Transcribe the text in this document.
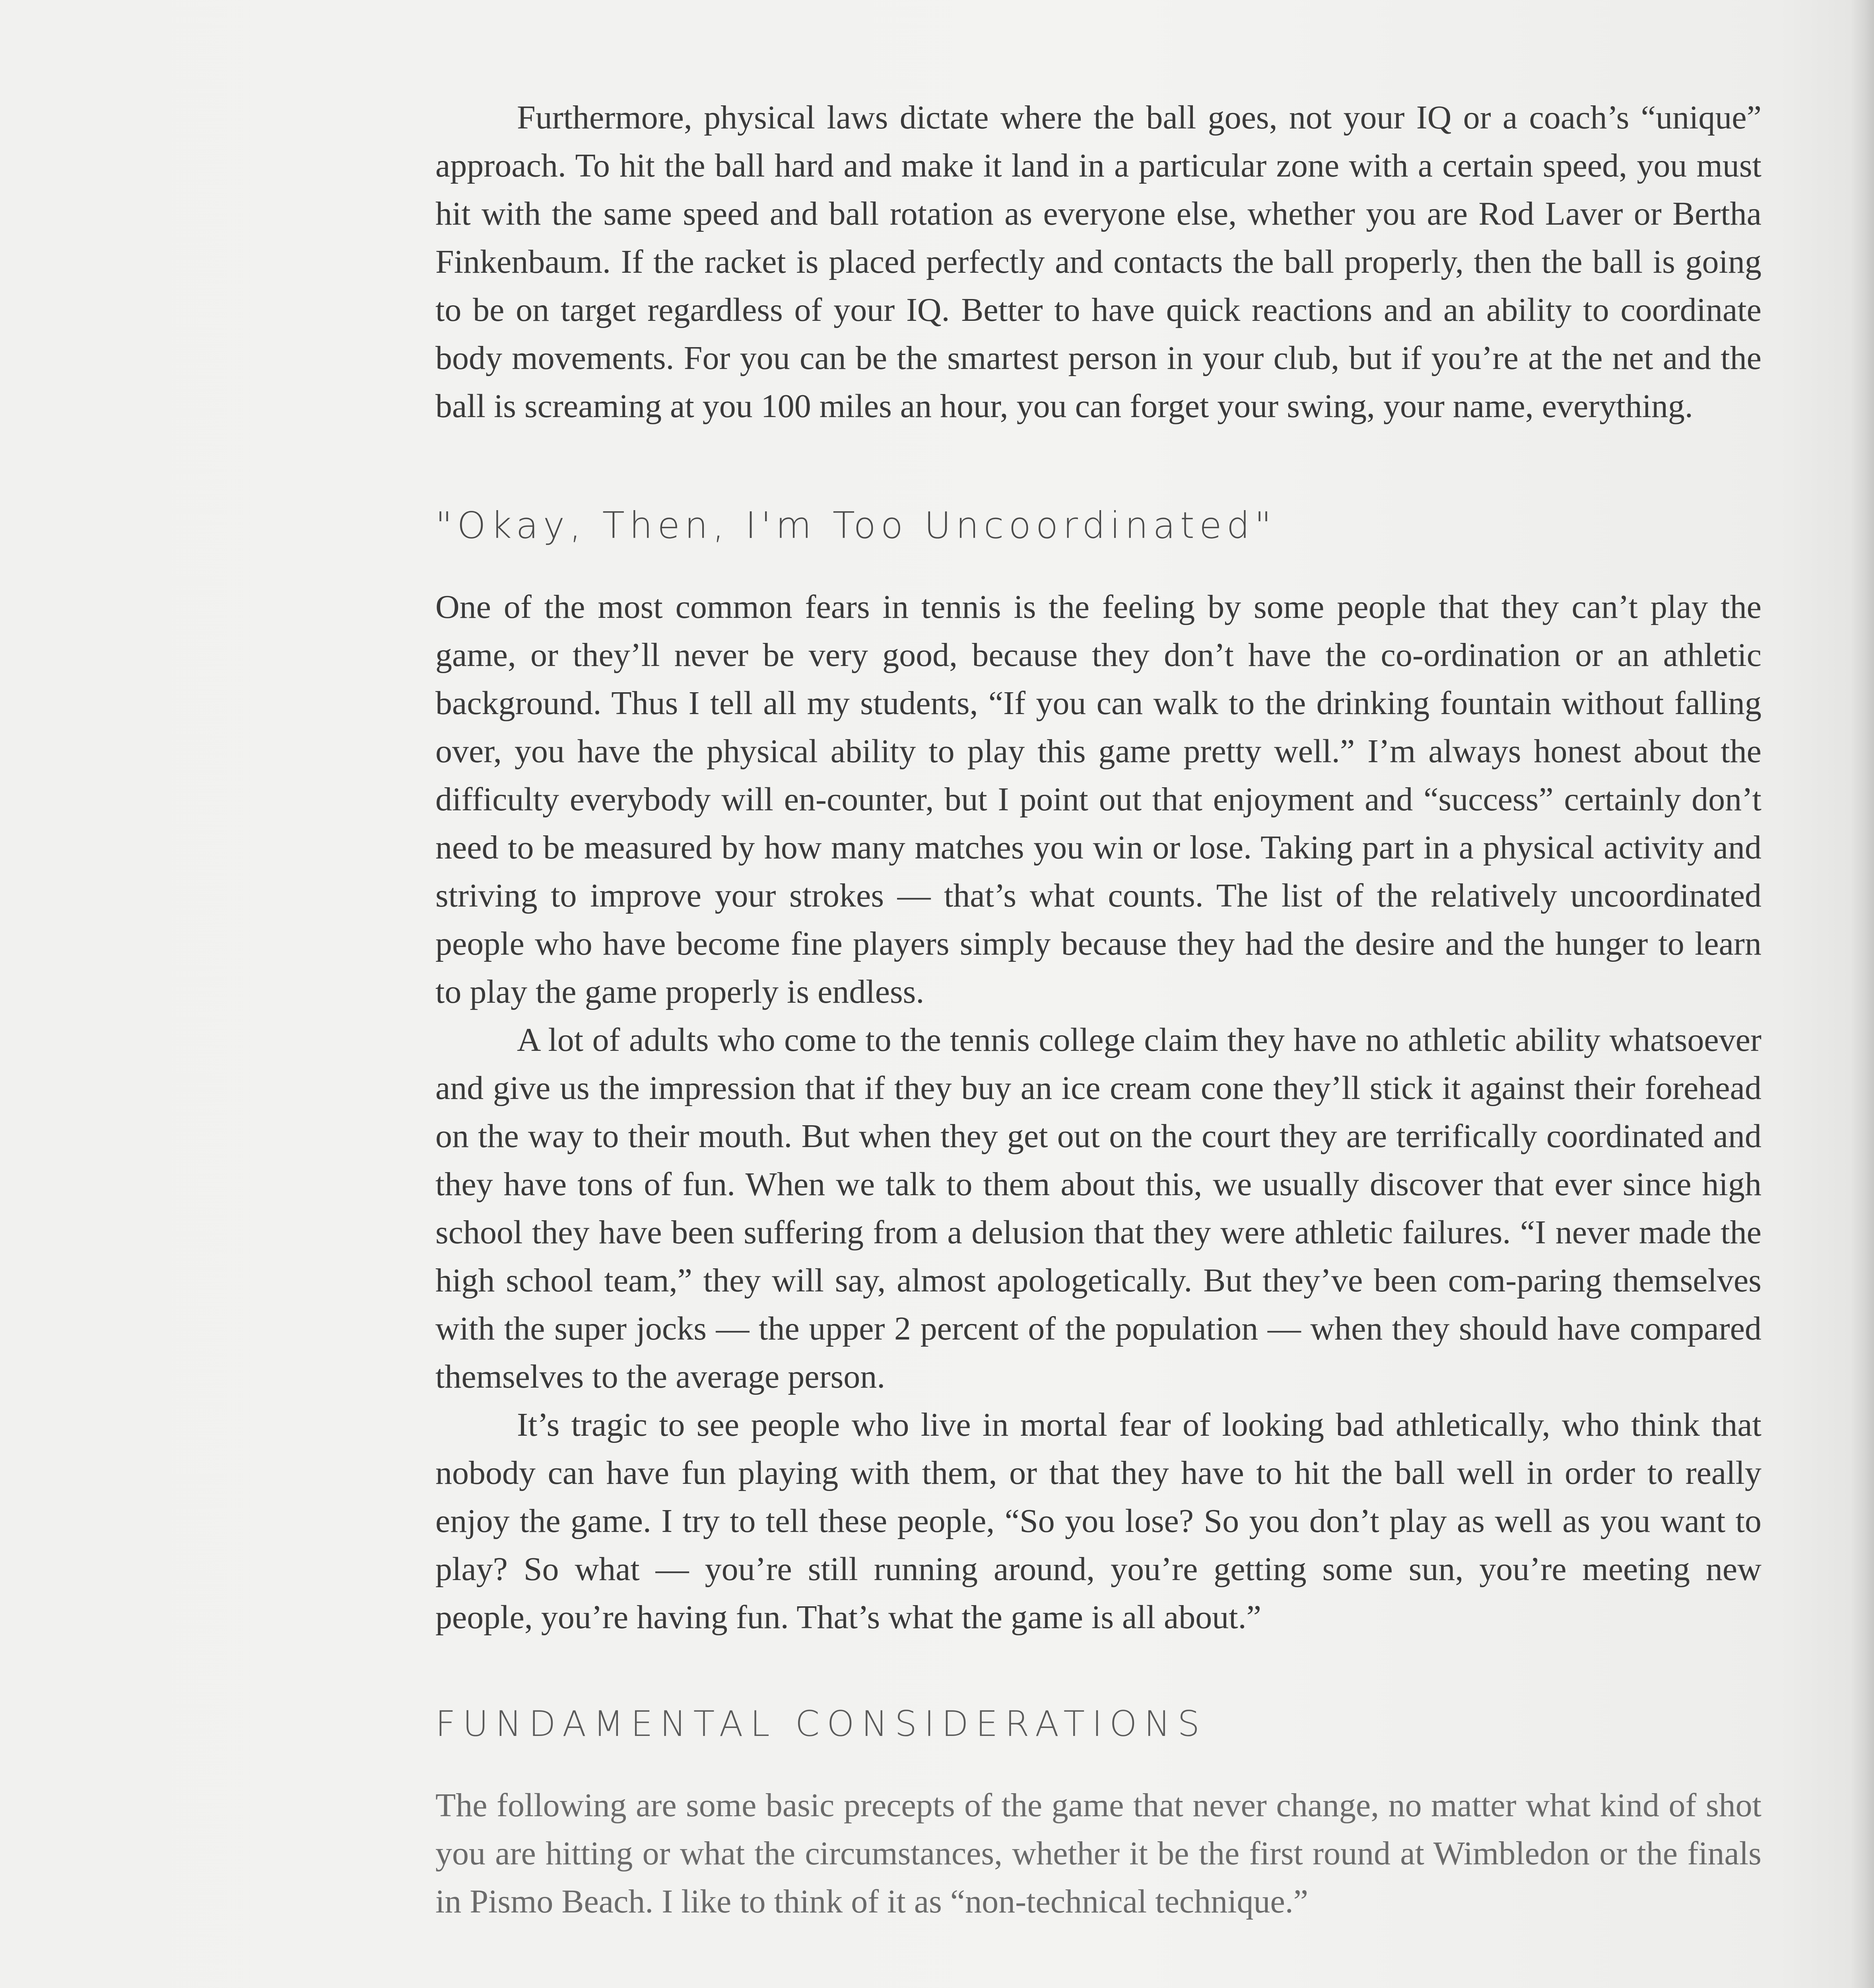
Furthermore, physical laws dictate where the ball goes, not your IQ or a coach’s “unique” approach. To hit the ball hard and make it land in a particular zone with a certain speed, you must hit with the same speed and ball rotation as everyone else, whether you are Rod Laver or Bertha Finkenbaum. If the racket is placed perfectly and contacts the ball properly, then the ball is going to be on target regardless of your IQ. Better to have quick reactions and an ability to coordinate body movements. For you can be the smartest person in your club, but if you’re at the net and the ball is screaming at you 100 miles an hour, you can forget your swing, your name, everything.

"Okay, Then, I'm Too Uncoordinated"

One of the most common fears in tennis is the feeling by some people that they can’t play the game, or they’ll never be very good, because they don’t have the co-ordination or an athletic background. Thus I tell all my students, “If you can walk to the drinking fountain without falling over, you have the physical ability to play this game pretty well.” I’m always honest about the difficulty everybody will en-counter, but I point out that enjoyment and “success” certainly don’t need to be measured by how many matches you win or lose. Taking part in a physical activity and striving to improve your strokes — that’s what counts. The list of the relatively uncoordinated people who have become fine players simply because they had the desire and the hunger to learn to play the game properly is endless.

A lot of adults who come to the tennis college claim they have no athletic ability whatsoever and give us the impression that if they buy an ice cream cone they’ll stick it against their forehead on the way to their mouth. But when they get out on the court they are terrifically coordinated and they have tons of fun. When we talk to them about this, we usually discover that ever since high school they have been suffering from a delusion that they were athletic failures. “I never made the high school team,” they will say, almost apologetically. But they’ve been com-paring themselves with the super jocks — the upper 2 percent of the population — when they should have compared themselves to the average person.

It’s tragic to see people who live in mortal fear of looking bad athletically, who think that nobody can have fun playing with them, or that they have to hit the ball well in order to really enjoy the game. I try to tell these people, “So you lose? So you don’t play as well as you want to play? So what — you’re still running around, you’re getting some sun, you’re meeting new people, you’re having fun. That’s what the game is all about.”

FUNDAMENTAL CONSIDERATIONS

The following are some basic precepts of the game that never change, no matter what kind of shot you are hitting or what the circumstances, whether it be the first round at Wimbledon or the finals in Pismo Beach. I like to think of it as “non-technical technique.”
